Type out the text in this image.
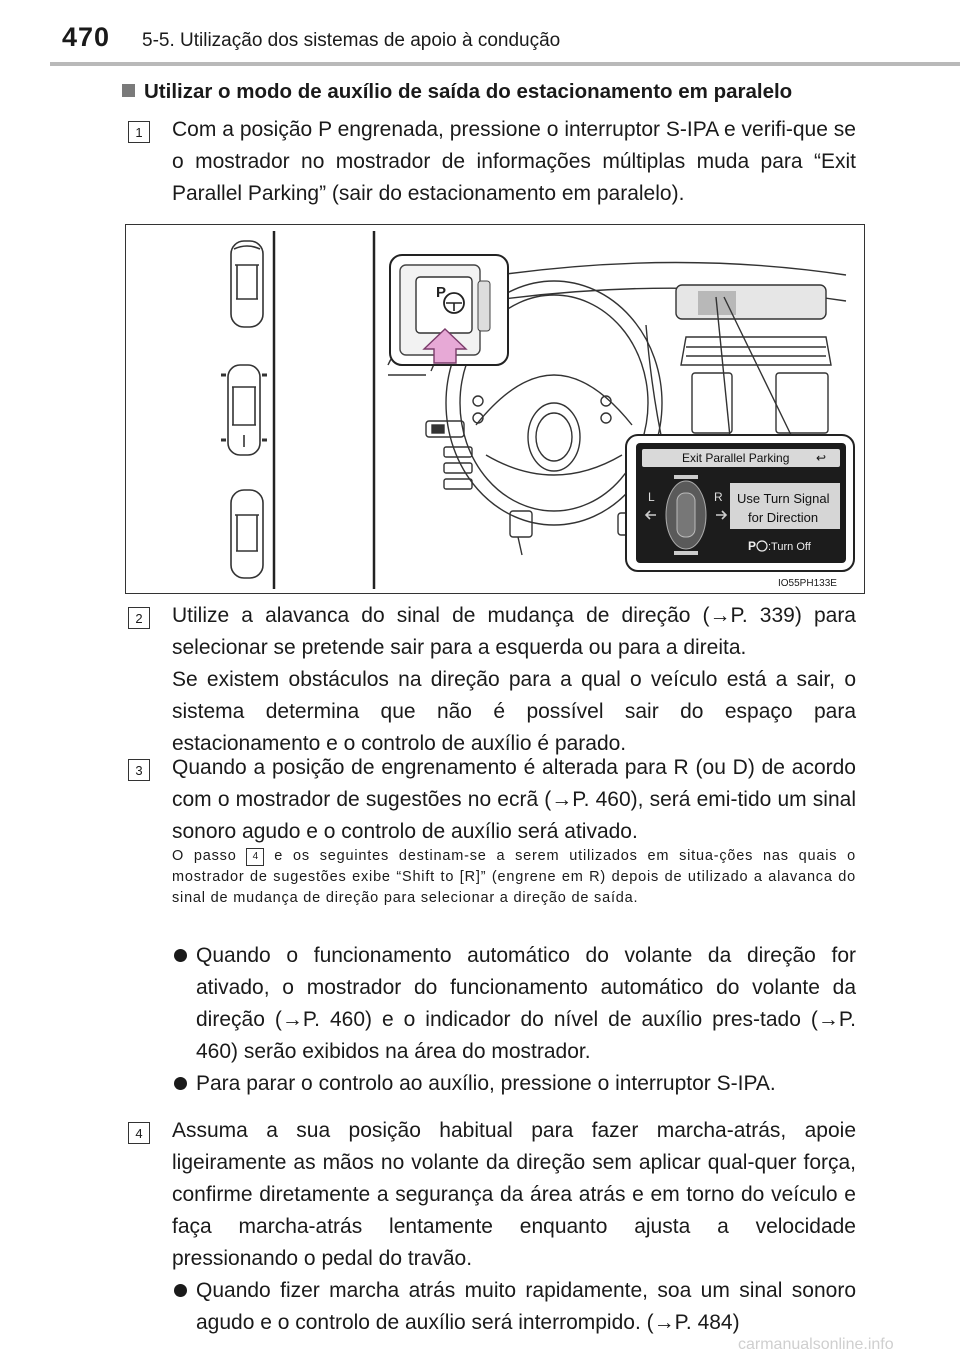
470 5-5. Utilização dos sistemas de apoio à condução
Utilizar o modo de auxílio de saída do estacionamento em paralelo
1	Com a posição P engrenada, pressione o interruptor S-IPA e verifi-que se o mostrador no mostrador de informações múltiplas muda para “Exit Parallel Parking” (sair do estacionamento em paralelo).
P
Exit Parallel Parking ↩
L	R Use Turn Signal
for Direction
P :Turn Off
IO55PH133E
2	Utilize a alavanca do sinal de mudança de direção (→P. 339) para selecionar se pretende sair para a esquerda ou para a direita.
Se existem obstáculos na direção para a qual o veículo está a sair, o sistema determina que não é possível sair do espaço para estacionamento e o controlo de auxílio é parado.
3	Quando a posição de engrenamento é alterada para R (ou D) de acordo com o mostrador de sugestões no ecrã (→P. 460), será emi-tido um sinal sonoro agudo e o controlo de auxílio será ativado.
O passo 4 e os seguintes destinam-se a serem utilizados em situa-ções nas quais o mostrador de sugestões exibe “Shift to [R]” (engrene em R) depois de utilizado a alavanca do sinal de mudança de direção para selecionar a direção de saída.
Quando o funcionamento automático do volante da direção for ativado, o mostrador do funcionamento automático do volante da direção (→P. 460) e o indicador do nível de auxílio pres-tado (→P. 460) serão exibidos na área do mostrador.
Para parar o controlo ao auxílio, pressione o interruptor S-IPA.
4	Assuma a sua posição habitual para fazer marcha-atrás, apoie ligeiramente as mãos no volante da direção sem aplicar qual-quer força, confirme diretamente a segurança da área atrás e em torno do veículo e faça marcha-atrás lentamente enquanto ajusta a velocidade pressionando o pedal do travão.
Quando fizer marcha atrás muito rapidamente, soa um sinal sonoro agudo e o controlo de auxílio será interrompido. (→P. 484)
carmanualsonline.info
